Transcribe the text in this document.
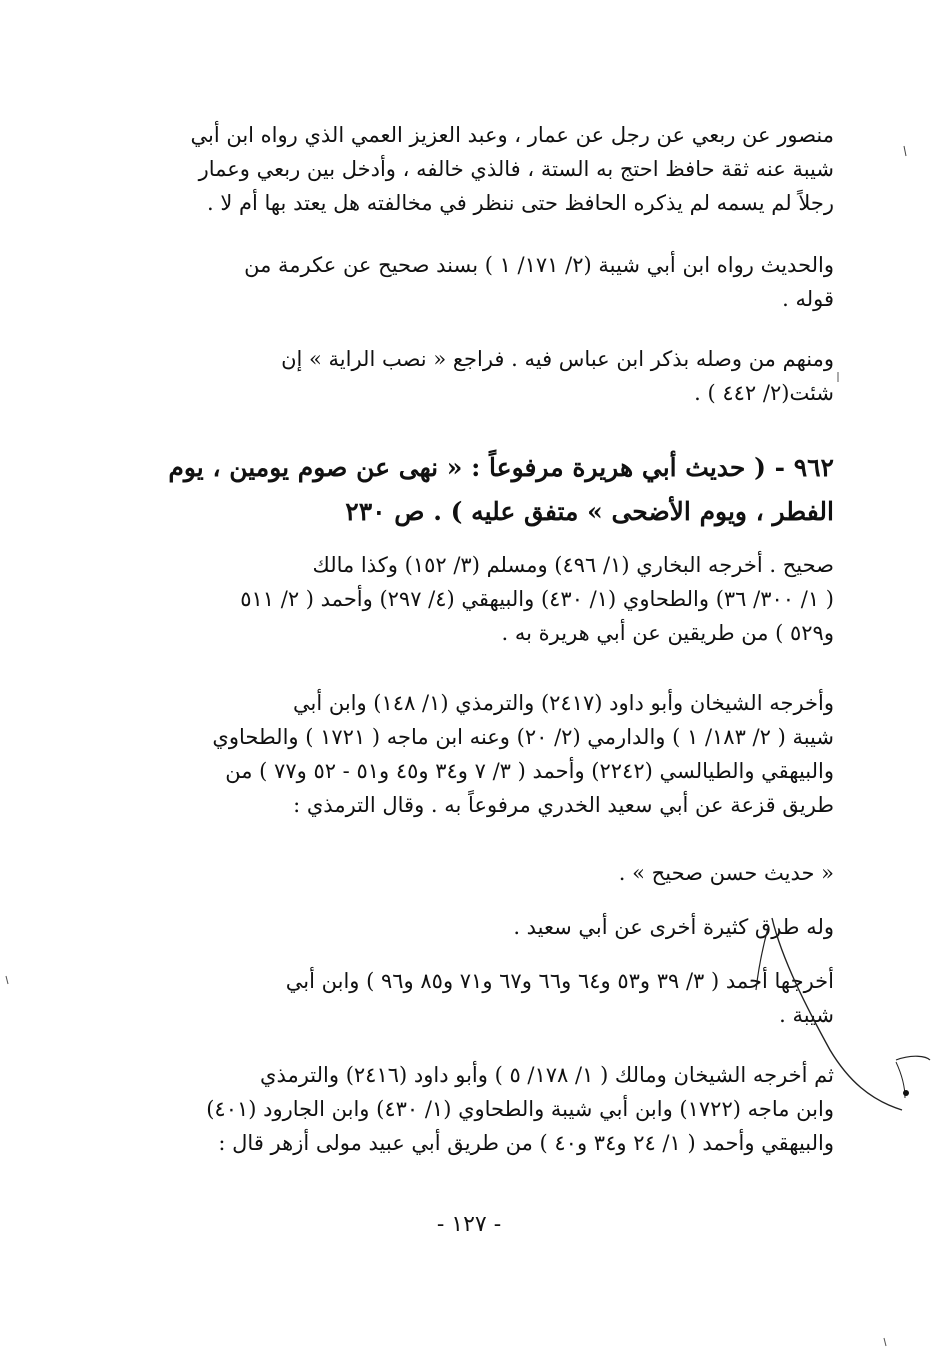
منصور عن ربعي عن رجل عن عمار ، وعبد العزيز العمي الذي رواه ابن أبي
شيبة عنه ثقة حافظ احتج به الستة ، فالذي خالفه ، وأدخل بين ربعي وعمار
رجلاً لم يسمه لم يذكره الحافظ حتى ننظر في مخالفته هل يعتد بها أم لا .

والحديث رواه ابن أبي شيبة (٢/ ١٧١/ ١ ) بسند صحيح عن عكرمة من
قوله .

ومنهم من وصله بذكر ابن عباس فيه . فراجع « نصب الراية » إن
شئت(٢/ ٤٤٢ ) .

٩٦٢ - ( حديث أبي هريرة مرفوعاً : « نهى عن صوم يومين ، يوم
الفطر ، ويوم الأضحى » متفق عليه ) . ص ٢٣٠

صحيح . أخرجه البخاري (١/ ٤٩٦) ومسلم (٣/ ١٥٢) وكذا مالك
( ١/ ٣٠٠/ ٣٦) والطحاوي (١/ ٤٣٠) والبيهقي (٤/ ٢٩٧) وأحمد ( ٢/ ٥١١
و٥٢٩ ) من طريقين عن أبي هريرة به .

وأخرجه الشيخان وأبو داود (٢٤١٧) والترمذي (١/ ١٤٨) وابن أبي
شيبة ( ٢/ ١٨٣/ ١ ) والدارمي (٢/ ٢٠) وعنه ابن ماجه ( ١٧٢١ ) والطحاوي
والبيهقي والطيالسي (٢٢٤٢) وأحمد ( ٣/ ٧ و٣٤ و٤٥ و٥١ - ٥٢ و٧٧ ) من
طريق قزعة عن أبي سعيد الخدري مرفوعاً به . وقال الترمذي :

« حديث حسن صحيح » .

وله طرق كثيرة أخرى عن أبي سعيد .

أخرجها أحمد ( ٣/ ٣٩ و٥٣ و٦٤ و٦٦ و٦٧ و٧١ و٨٥ و٩٦ ) وابن أبي
شيبة .

ثم أخرجه الشيخان ومالك ( ١/ ١٧٨/ ٥ ) وأبو داود (٢٤١٦) والترمذي
وابن ماجه (١٧٢٢) وابن أبي شيبة والطحاوي (١/ ٤٣٠) وابن الجارود (٤٠١)
والبيهقي وأحمد ( ١/ ٢٤ و٣٤ و٤٠ ) من طريق أبي عبيد مولى أزهر قال :

- ١٢٧ -
